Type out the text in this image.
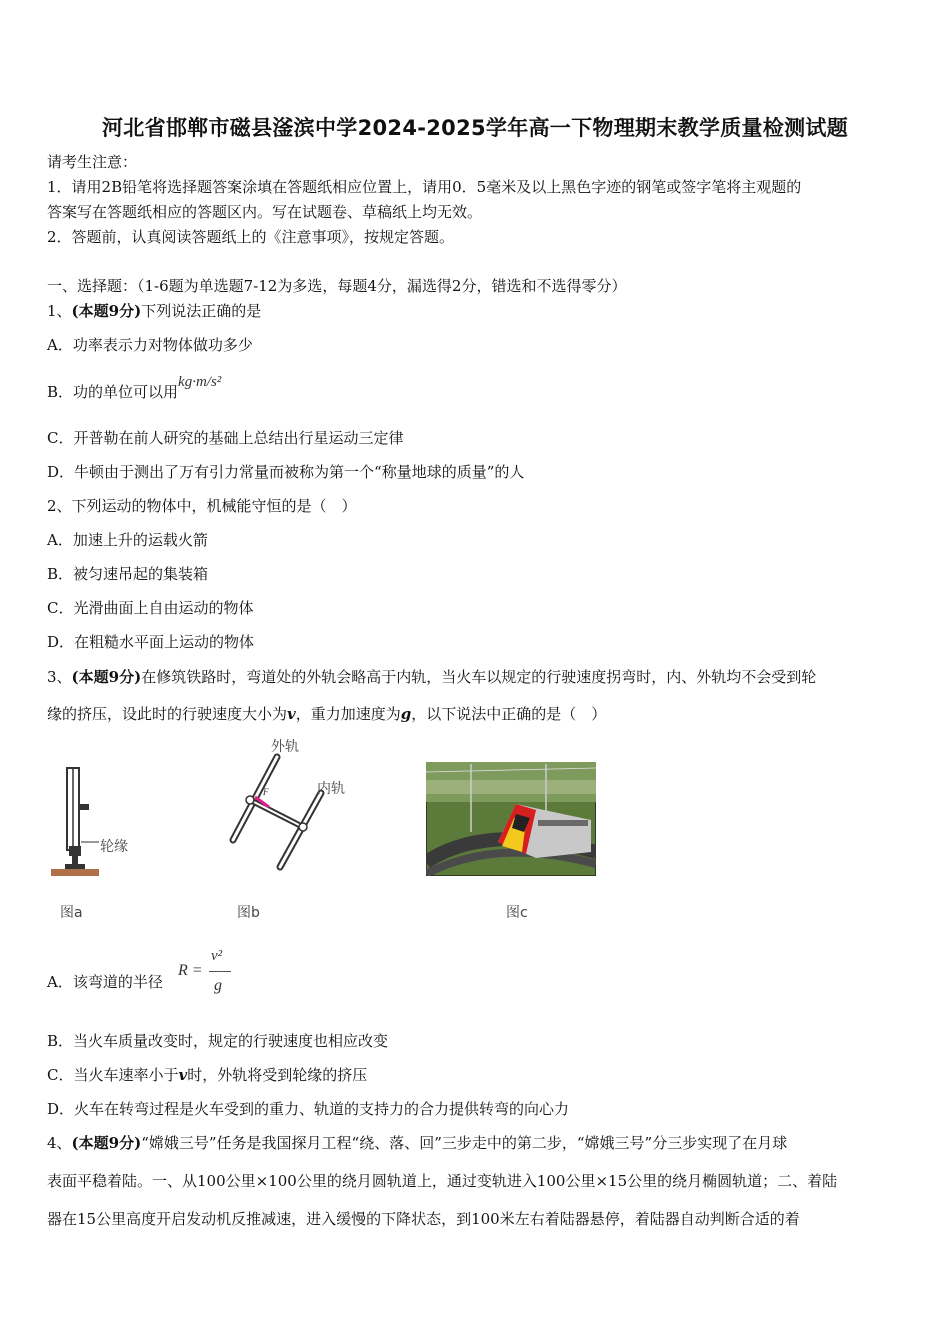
河北省邯郸市磁县滏滨中学2024-2025学年高一下物理期末教学质量检测试题
请考生注意：
1．请用2B铅笔将选择题答案涂填在答题纸相应位置上，请用0．5毫米及以上黑色字迹的钢笔或签字笔将主观题的
答案写在答题纸相应的答题区内。写在试题卷、草稿纸上均无效。
2．答题前，认真阅读答题纸上的《注意事项》，按规定答题。
一、选择题：（1-6题为单选题7-12为多选，每题4分，漏选得2分，错选和不选得零分）
1、(本题9分)下列说法正确的是
A．功率表示力对物体做功多少
B．功的单位可以用kg·m/s²
C．开普勒在前人研究的基础上总结出行星运动三定律
D．牛顿由于测出了万有引力常量而被称为第一个“称量地球的质量”的人
2、下列运动的物体中，机械能守恒的是（　）
A．加速上升的运载火箭
B．被匀速吊起的集装箱
C．光滑曲面上自由运动的物体
D．在粗糙水平面上运动的物体
3、(本题9分)在修筑铁路时，弯道处的外轨会略高于内轨，当火车以规定的行驶速度拐弯时，内、外轨均不会受到轮
缘的挤压，设此时的行驶速度大小为v，重力加速度为g，以下说法中正确的是（　）
轮缘
图a
F
外轨
内轨
图b	图c
A．该弯道的半径
R =
v²
g
B．当火车质量改变时，规定的行驶速度也相应改变
C．当火车速率小于v时，外轨将受到轮缘的挤压
D．火车在转弯过程是火车受到的重力、轨道的支持力的合力提供转弯的向心力
4、(本题9分)“嫦娥三号”任务是我国探月工程“绕、落、回”三步走中的第二步，“嫦娥三号”分三步实现了在月球
表面平稳着陆。一、从100公里×100公里的绕月圆轨道上，通过变轨进入100公里×15公里的绕月椭圆轨道；二、着陆
器在15公里高度开启发动机反推减速，进入缓慢的下降状态，到100米左右着陆器悬停，着陆器自动判断合适的着
